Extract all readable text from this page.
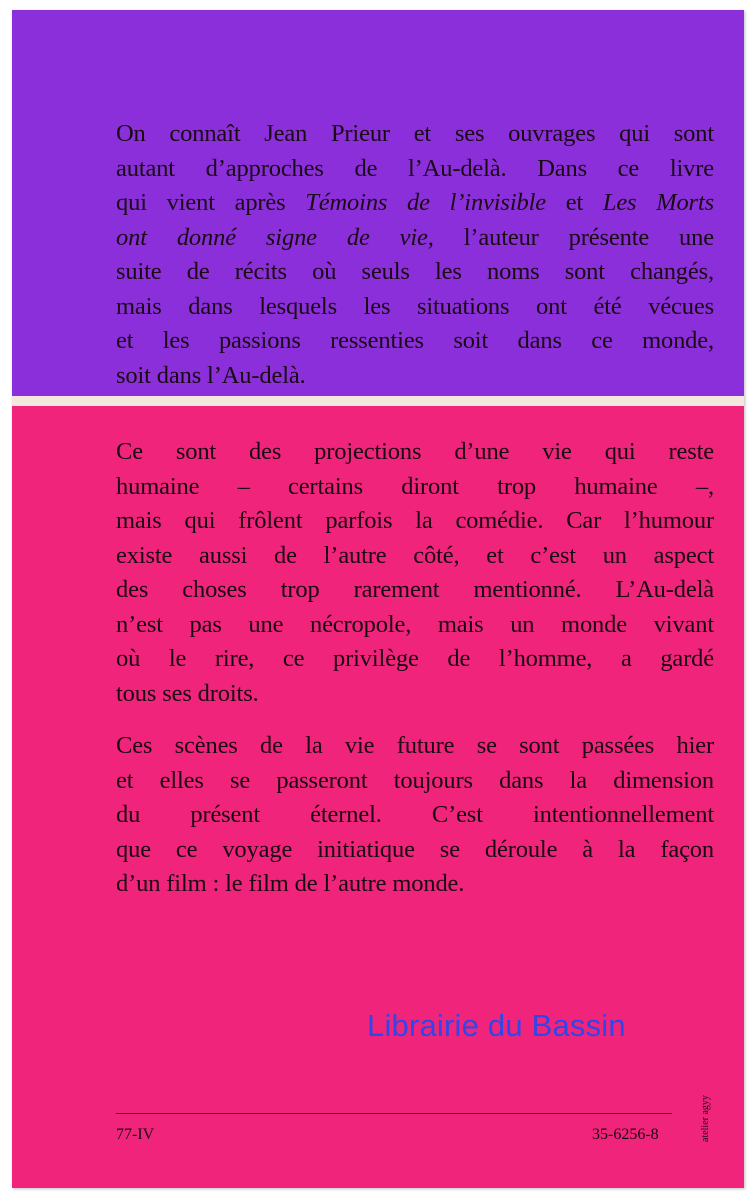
On connaît Jean Prieur et ses ouvrages qui sont
autant d’approches de l’Au-delà. Dans ce livre
qui vient après Témoins de l’invisible et Les Morts
ont donné signe de vie, l’auteur présente une
suite de récits où seuls les noms sont changés,
mais dans lesquels les situations ont été vécues
et les passions ressenties soit dans ce monde,
soit dans l’Au-delà.

Ce sont des projections d’une vie qui reste
humaine – certains diront trop humaine –,
mais qui frôlent parfois la comédie. Car l’humour
existe aussi de l’autre côté, et c’est un aspect
des choses trop rarement mentionné. L’Au-delà
n’est pas une nécropole, mais un monde vivant
où le rire, ce privilège de l’homme, a gardé
tous ses droits.

Ces scènes de la vie future se sont passées hier
et elles se passeront toujours dans la dimension
du présent éternel. C’est intentionnellement
que ce voyage initiatique se déroule à la façon
d’un film : le film de l’autre monde.

Librairie du Bassin
77-IV	35-6256-8	atelier agyy
